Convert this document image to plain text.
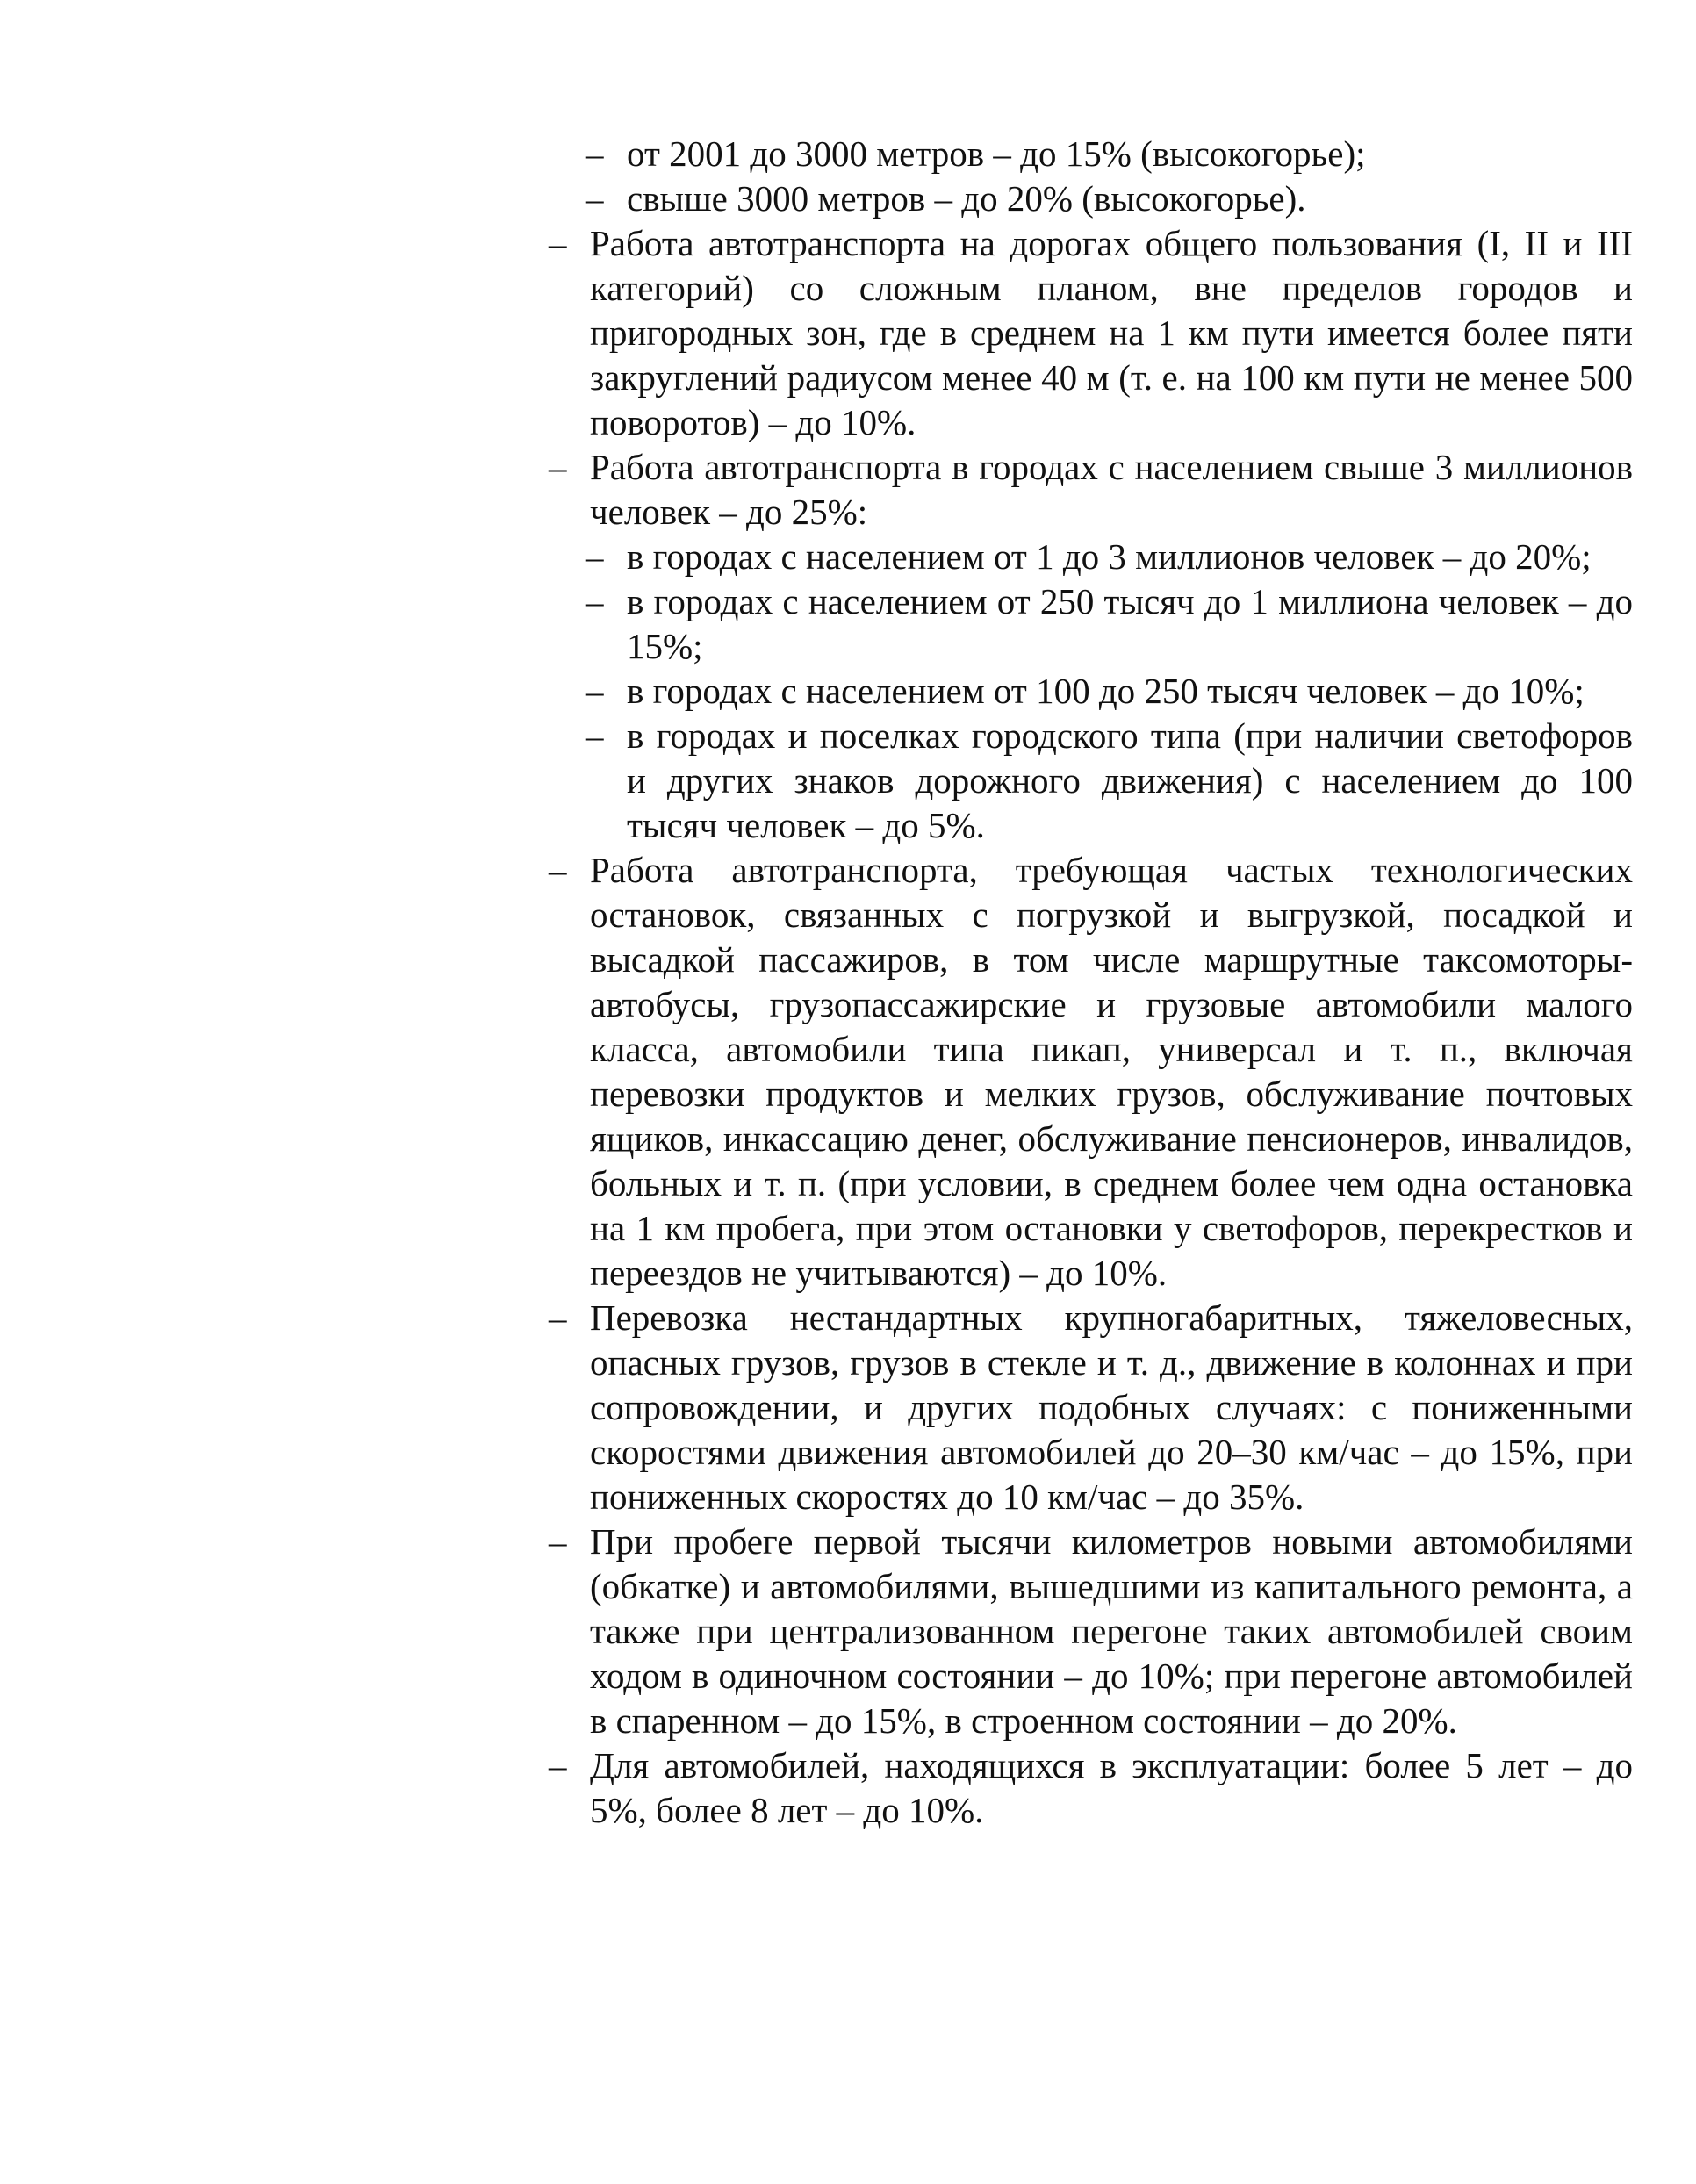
– от 2001 до 3000 метров – до 15% (высокогорье);
– свыше 3000 метров – до 20% (высокогорье).
– Работа автотранспорта на дорогах общего пользования (I, II и III категорий) со сложным планом, вне пределов городов и пригородных зон, где в среднем на 1 км пути имеется более пяти закруглений радиусом менее 40 м (т. е. на 100 км пути не менее 500 поворотов) – до 10%.
– Работа автотранспорта в городах с населением свыше 3 миллионов человек – до 25%:
– в городах с населением от 1 до 3 миллионов человек – до 20%;
– в городах с населением от 250 тысяч до 1 миллиона человек – до 15%;
– в городах с населением от 100 до 250 тысяч человек – до 10%;
– в городах и поселках городского типа (при наличии светофоров и других знаков дорожного движения) с населением до 100 тысяч человек – до 5%.
– Работа автотранспорта, требующая частых технологических остановок, связанных с погрузкой и выгрузкой, посадкой и высадкой пассажиров, в том числе маршрутные таксомоторы-автобусы, грузопассажирские и грузовые автомобили малого класса, автомобили типа пикап, универсал и т. п., включая перевозки продуктов и мелких грузов, обслуживание почтовых ящиков, инкассацию денег, обслуживание пенсионеров, инвалидов, больных и т. п. (при условии, в среднем более чем одна остановка на 1 км пробега, при этом остановки у светофоров, перекрестков и переездов не учитываются) – до 10%.
– Перевозка нестандартных крупногабаритных, тяжеловесных, опасных грузов, грузов в стекле и т. д., движение в колоннах и при сопровождении, и других подобных случаях: с пониженными скоростями движения автомобилей до 20–30 км/час – до 15%, при пониженных скоростях до 10 км/час – до 35%.
– При пробеге первой тысячи километров новыми автомобилями (обкатке) и автомобилями, вышедшими из капитального ремонта, а также при централизованном перегоне таких автомобилей своим ходом в одиночном состоянии – до 10%; при перегоне автомобилей в спаренном – до 15%, в строенном состоянии – до 20%.
– Для автомобилей, находящихся в эксплуатации: более 5 лет – до 5%, более 8 лет – до 10%.
